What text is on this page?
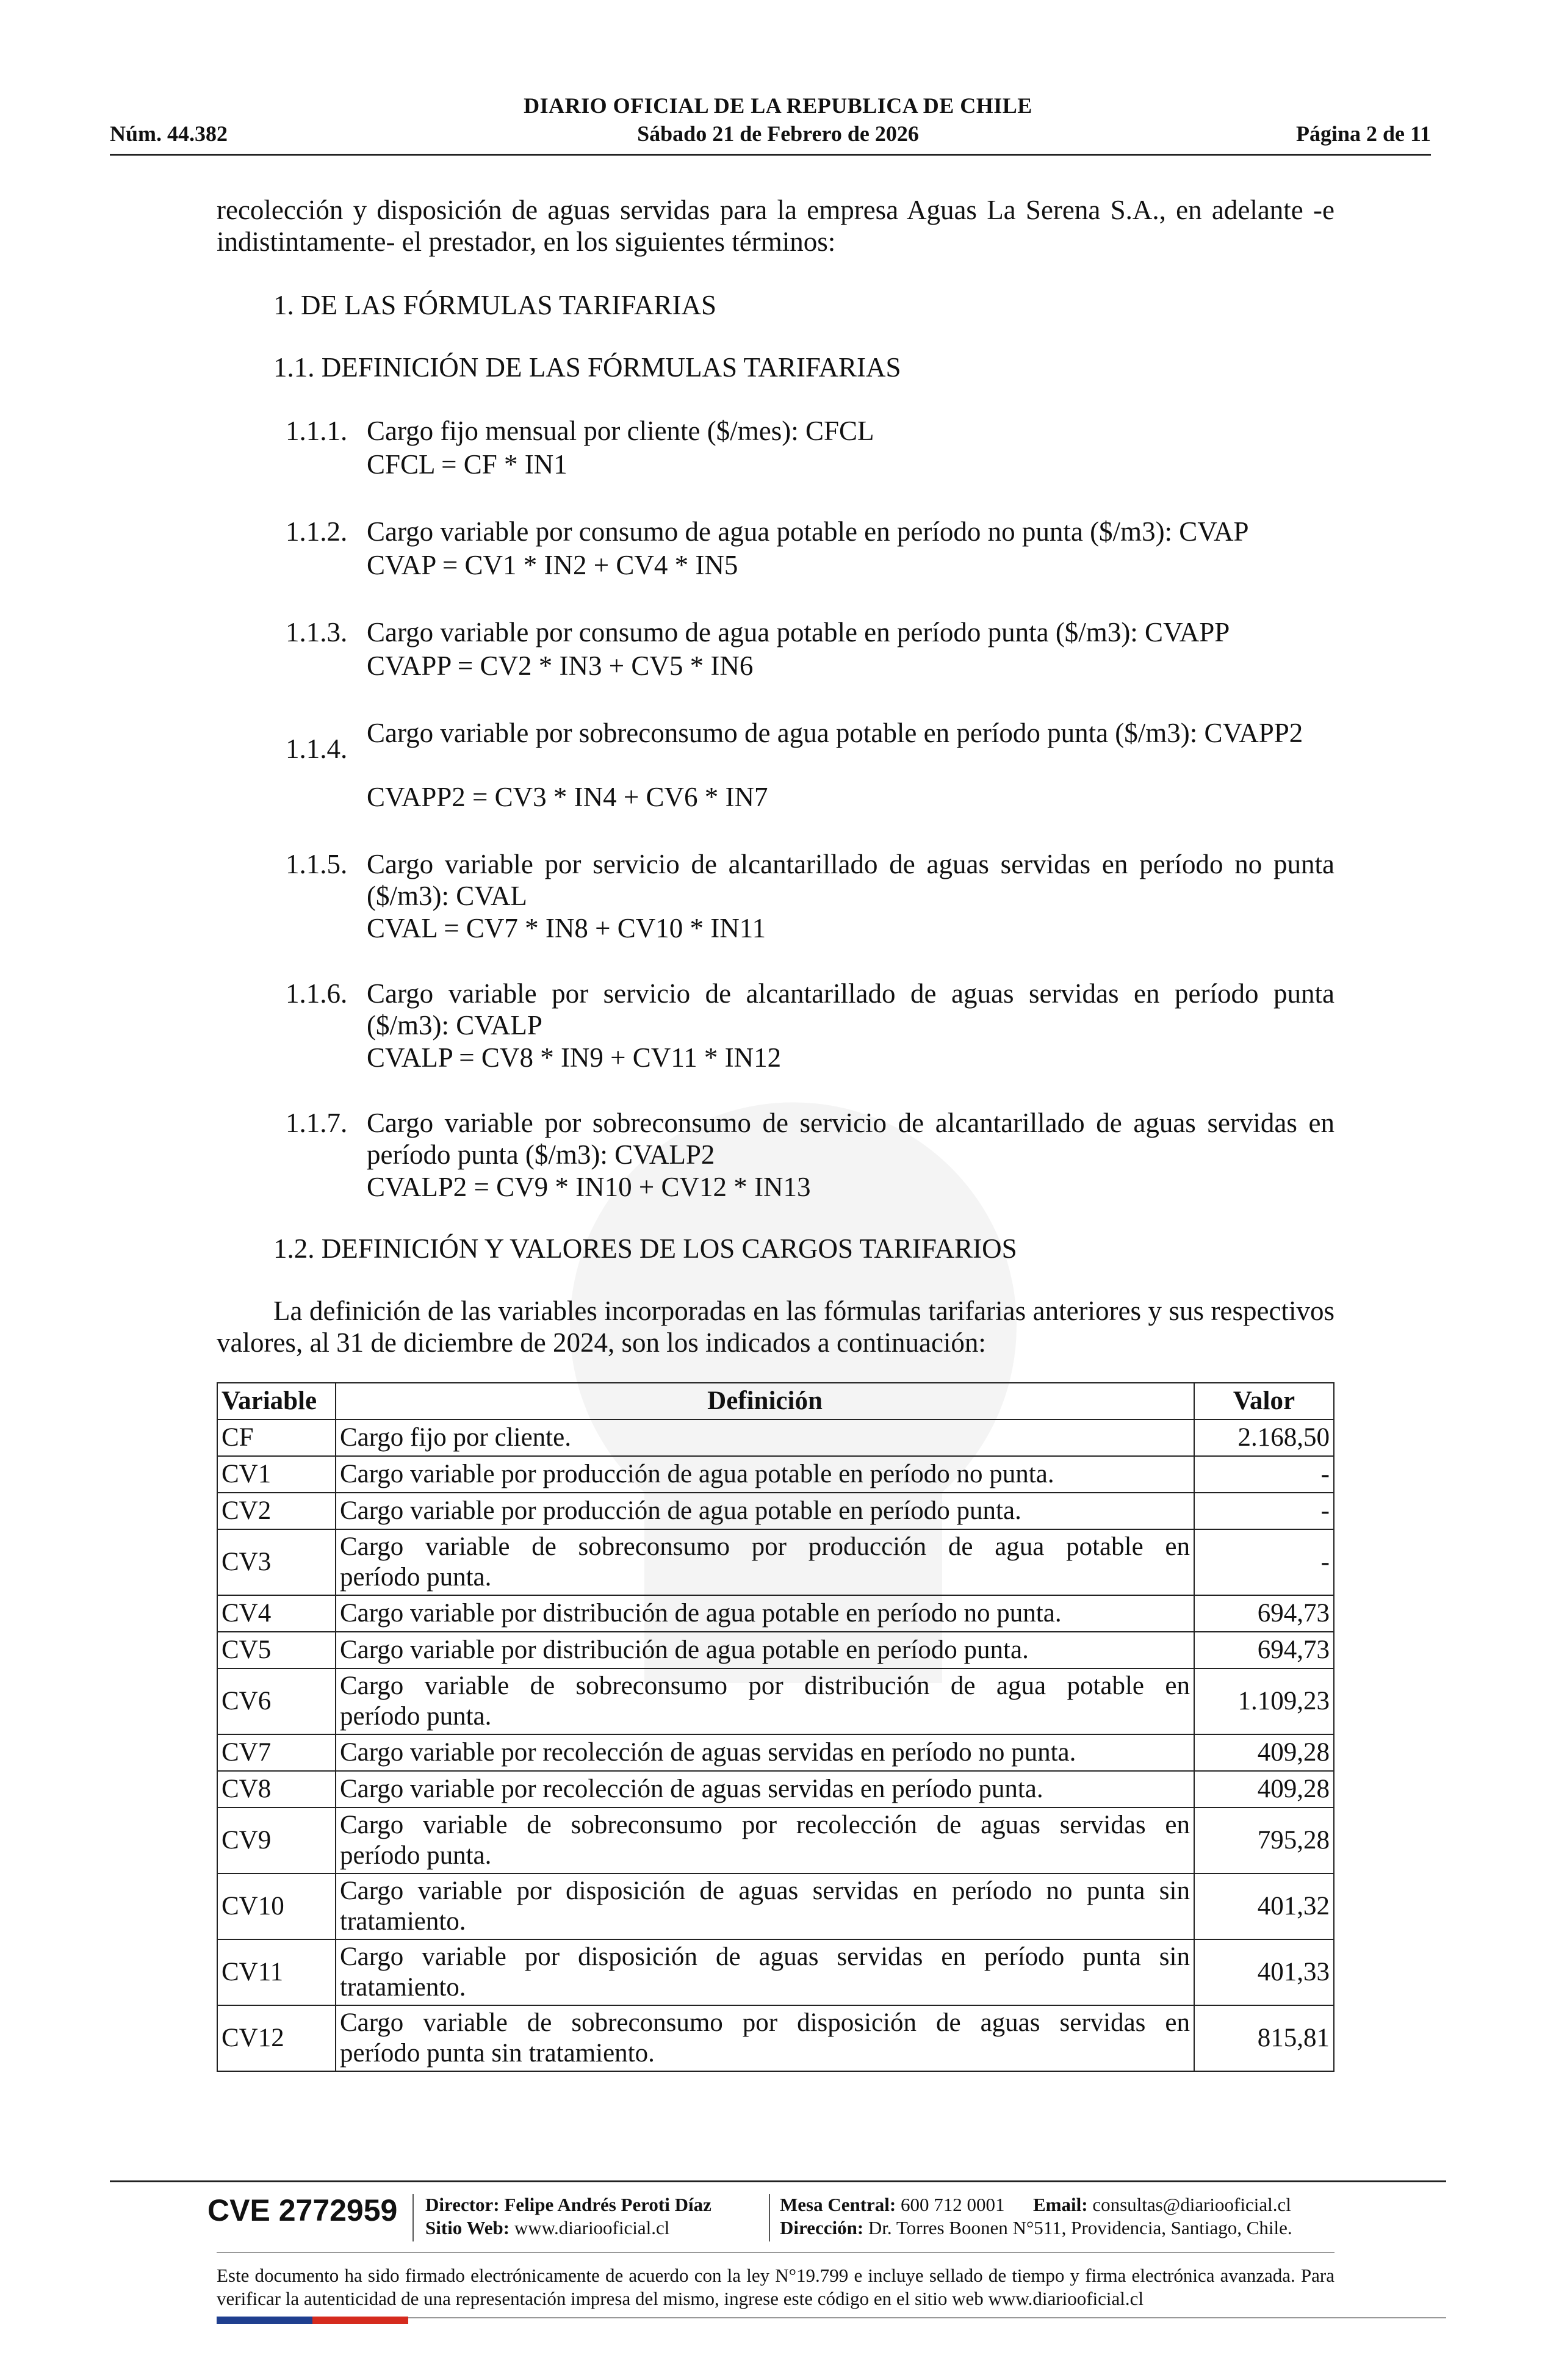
DIARIO OFICIAL DE LA REPUBLICA DE CHILE
Núm. 44.382	Sábado 21 de Febrero de 2026	Página 2 de 11
recolección y disposición de aguas servidas para la empresa Aguas La Serena S.A., en adelante -e indistintamente- el prestador, en los siguientes términos:
1. DE LAS FÓRMULAS TARIFARIAS
1.1. DEFINICIÓN DE LAS FÓRMULAS TARIFARIAS
1.1.1. Cargo fijo mensual por cliente ($/mes): CFCL
CFCL = CF * IN1
1.1.2. Cargo variable por consumo de agua potable en período no punta ($/m3): CVAP
CVAP = CV1 * IN2 + CV4 * IN5
1.1.3. Cargo variable por consumo de agua potable en período punta ($/m3): CVAPP
CVAPP = CV2 * IN3 + CV5 * IN6
1.1.4.
Cargo variable por sobreconsumo de agua potable en período punta ($/m3): CVAPP2
CVAPP2 = CV3 * IN4 + CV6 * IN7
1.1.5. Cargo variable por servicio de alcantarillado de aguas servidas en período no punta ($/m3): CVAL
CVAL = CV7 * IN8 + CV10 * IN11
1.1.6. Cargo variable por servicio de alcantarillado de aguas servidas en período punta ($/m3): CVALP
CVALP = CV8 * IN9 + CV11 * IN12
1.1.7. Cargo variable por sobreconsumo de servicio de alcantarillado de aguas servidas en período punta ($/m3): CVALP2
CVALP2 = CV9 * IN10 + CV12 * IN13
1.2. DEFINICIÓN Y VALORES DE LOS CARGOS TARIFARIOS
La definición de las variables incorporadas en las fórmulas tarifarias anteriores y sus respectivos valores, al 31 de diciembre de 2024, son los indicados a continuación:
Variable	Definición	Valor
CF	Cargo fijo por cliente.	2.168,50
CV1	Cargo variable por producción de agua potable en período no punta.	-
CV2	Cargo variable por producción de agua potable en período punta.	-
CV3	Cargo variable de sobreconsumo por producción de agua potable en
período punta.	-
CV4	Cargo variable por distribución de agua potable en período no punta.	694,73
CV5	Cargo variable por distribución de agua potable en período punta.	694,73
CV6	Cargo variable de sobreconsumo por distribución de agua potable en
período punta.	1.109,23
CV7	Cargo variable por recolección de aguas servidas en período no punta.	409,28
CV8	Cargo variable por recolección de aguas servidas en período punta.	409,28
CV9	Cargo variable de sobreconsumo por recolección de aguas servidas en
período punta.	795,28
CV10	Cargo variable por disposición de aguas servidas en período no punta sin
tratamiento.	401,32
CV11	Cargo variable por disposición de aguas servidas en período punta sin
tratamiento.	401,33
CV12	Cargo variable de sobreconsumo por disposición de aguas servidas en
período punta sin tratamiento.	815,81
CVE 2772959 Director: Felipe Andrés Peroti Díaz
Sitio Web: www.diariooficial.cl
Mesa Central: 600 712 0001 Email: consultas@diariooficial.cl
Dirección: Dr. Torres Boonen N°511, Providencia, Santiago, Chile.
Este documento ha sido firmado electrónicamente de acuerdo con la ley N°19.799 e incluye sellado de tiempo y firma electrónica avanzada. Para verificar la autenticidad de una representación impresa del mismo, ingrese este código en el sitio web www.diariooficial.cl
